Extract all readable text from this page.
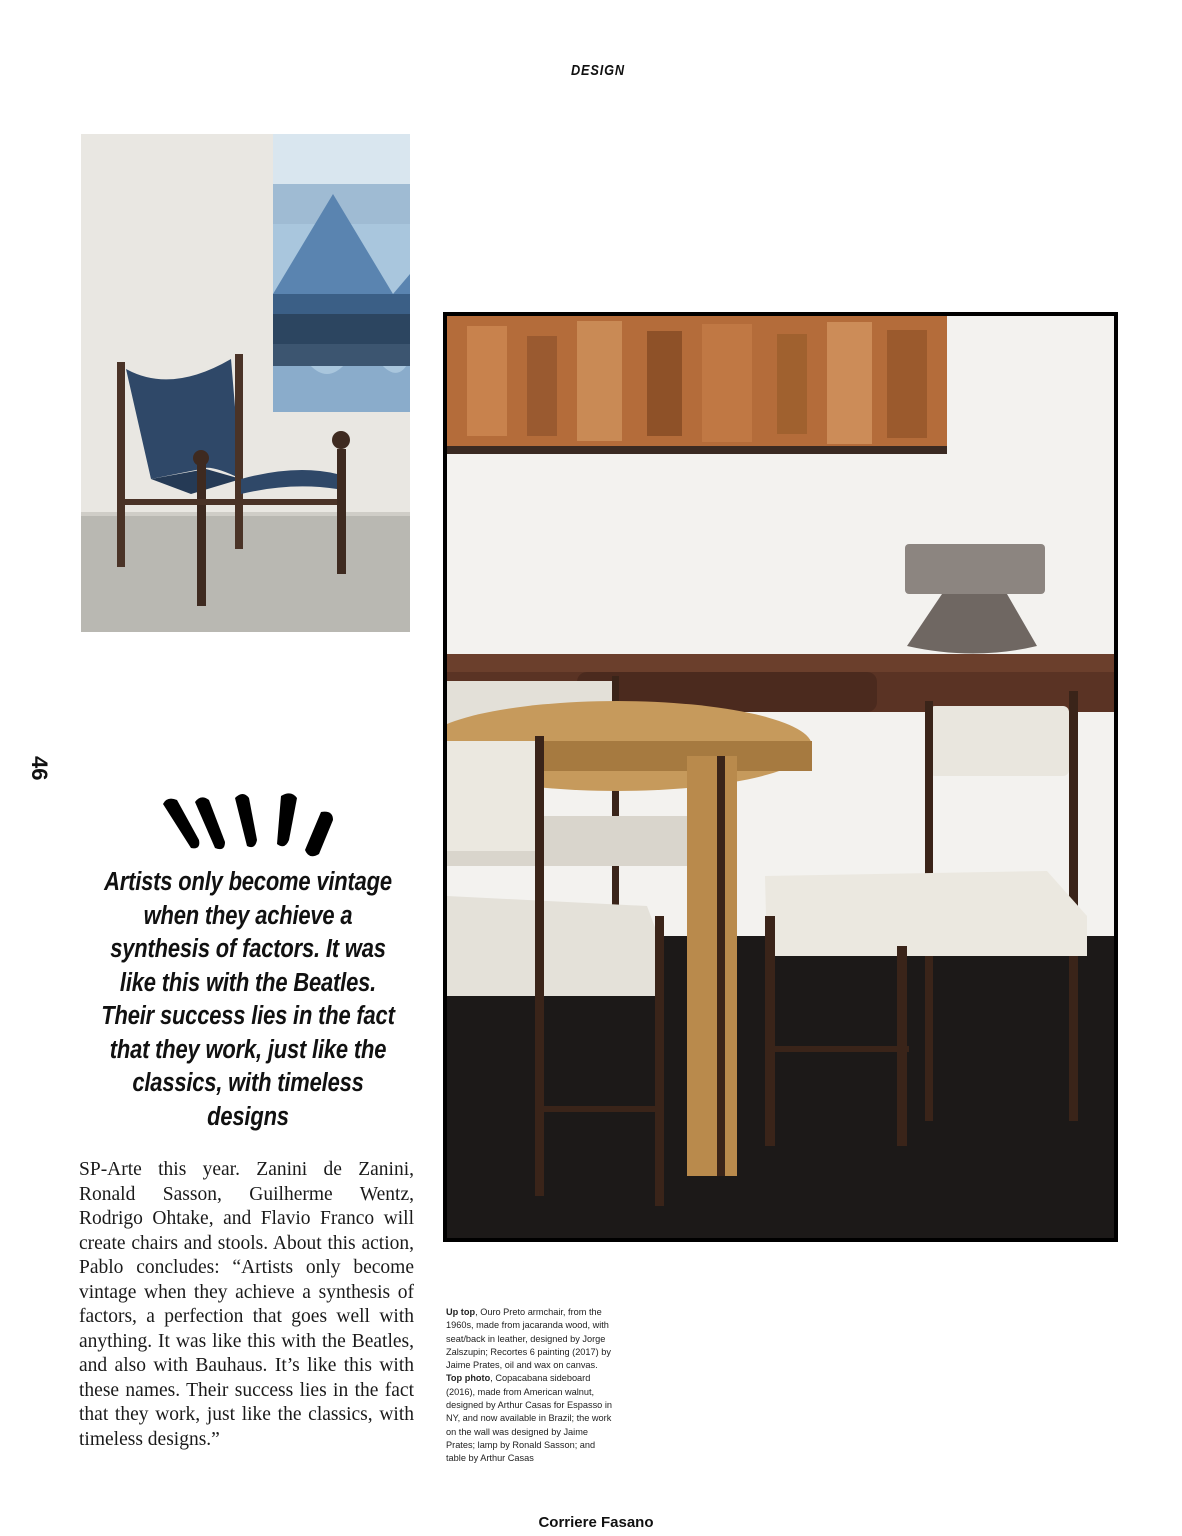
DESIGN
46
Artists only become vintage when they achieve a synthesis of factors. It was like this with the Beatles. Their success lies in the fact that they work, just like the classics, with timeless designs
SP-Arte this year. Zanini de Zanini, Ronald Sasson, Guilherme Wentz, Rodrigo Ohtake, and Flavio Franco will create chairs and stools. About this action, Pablo concludes: “Artists only become vintage when they achieve a synthesis of factors, a perfection that goes well with anything. It was like this with the Beatles, and also with Bauhaus. It’s like this with these names. Their success lies in the fact that they work, just like the classics, with timeless designs.”
Up top, Ouro Preto armchair, from the 1960s, made from jacaranda wood, with seat/back in leather, designed by Jorge Zalszupin; Recortes 6 painting (2017) by Jaime Prates, oil and wax on canvas. Top photo, Copacabana sideboard (2016), made from American walnut, designed by Arthur Casas for Espasso in NY, and now available in Brazil; the work on the wall was designed by Jaime Prates; lamp by Ronald Sasson; and table by Arthur Casas
Corriere Fasano
